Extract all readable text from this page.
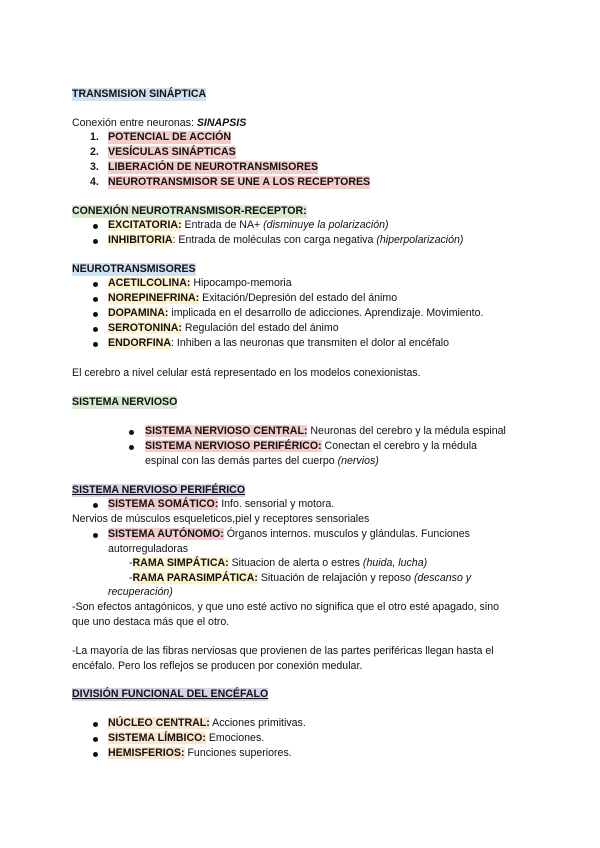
TRANSMISION SINÁPTICA
Conexión entre neuronas: SINAPSIS
1. POTENCIAL DE ACCIÓN
2. VESÍCULAS SINÁPTICAS
3. LIBERACIÓN DE NEUROTRANSMISORES
4. NEUROTRANSMISOR SE UNE A LOS RECEPTORES
CONEXIÓN NEUROTRANSMISOR-RECEPTOR:
EXCITATORIA: Entrada de NA+ (disminuye la polarización)
INHIBITORIA: Entrada de moléculas con carga negativa (hiperpolarización)
NEUROTRANSMISORES
ACETILCOLINA: Hipocampo-memoria
NOREPINEFRINA: Exitación/Depresión del estado del ánimo
DOPAMINA: implicada en el desarrollo de adicciones. Aprendizaje. Movimiento.
SEROTONINA: Regulación del estado del ánimo
ENDORFINA: Inhiben a las neuronas que transmiten el dolor al encéfalo
El cerebro a nivel celular está representado en los modelos conexionistas.
SISTEMA NERVIOSO
SISTEMA NERVIOSO CENTRAL: Neuronas del cerebro y la médula espinal
SISTEMA NERVIOSO PERIFÉRICO: Conectan el cerebro y la médula
espinal con las demás partes del cuerpo (nervios)
SISTEMA NERVIOSO PERIFÉRICO
SISTEMA SOMÁTICO: Info. sensorial y motora.
Nervios de músculos esqueleticos,piel y receptores sensoriales
SISTEMA AUTÓNOMO: Órganos internos. musculos y glándulas. Funciones
autorreguladoras
-RAMA SIMPÁTICA: Situacion de alerta o estres (huida, lucha)
-RAMA PARASIMPÁTICA: Situación de relajación y reposo (descanso y
recuperación)
-Son efectos antagónicos, y que uno esté activo no significa que el otro esté apagado, sino
que uno destaca más que el otro.
-La mayoría de las fibras nerviosas que provienen de las partes periféricas llegan hasta el
encéfalo. Pero los reflejos se producen por conexión medular.
DIVISIÓN FUNCIONAL DEL ENCÉFALO
NÚCLEO CENTRAL: Acciones primitivas.
SISTEMA LÍMBICO: Emociones.
HEMISFERIOS: Funciones superiores.
